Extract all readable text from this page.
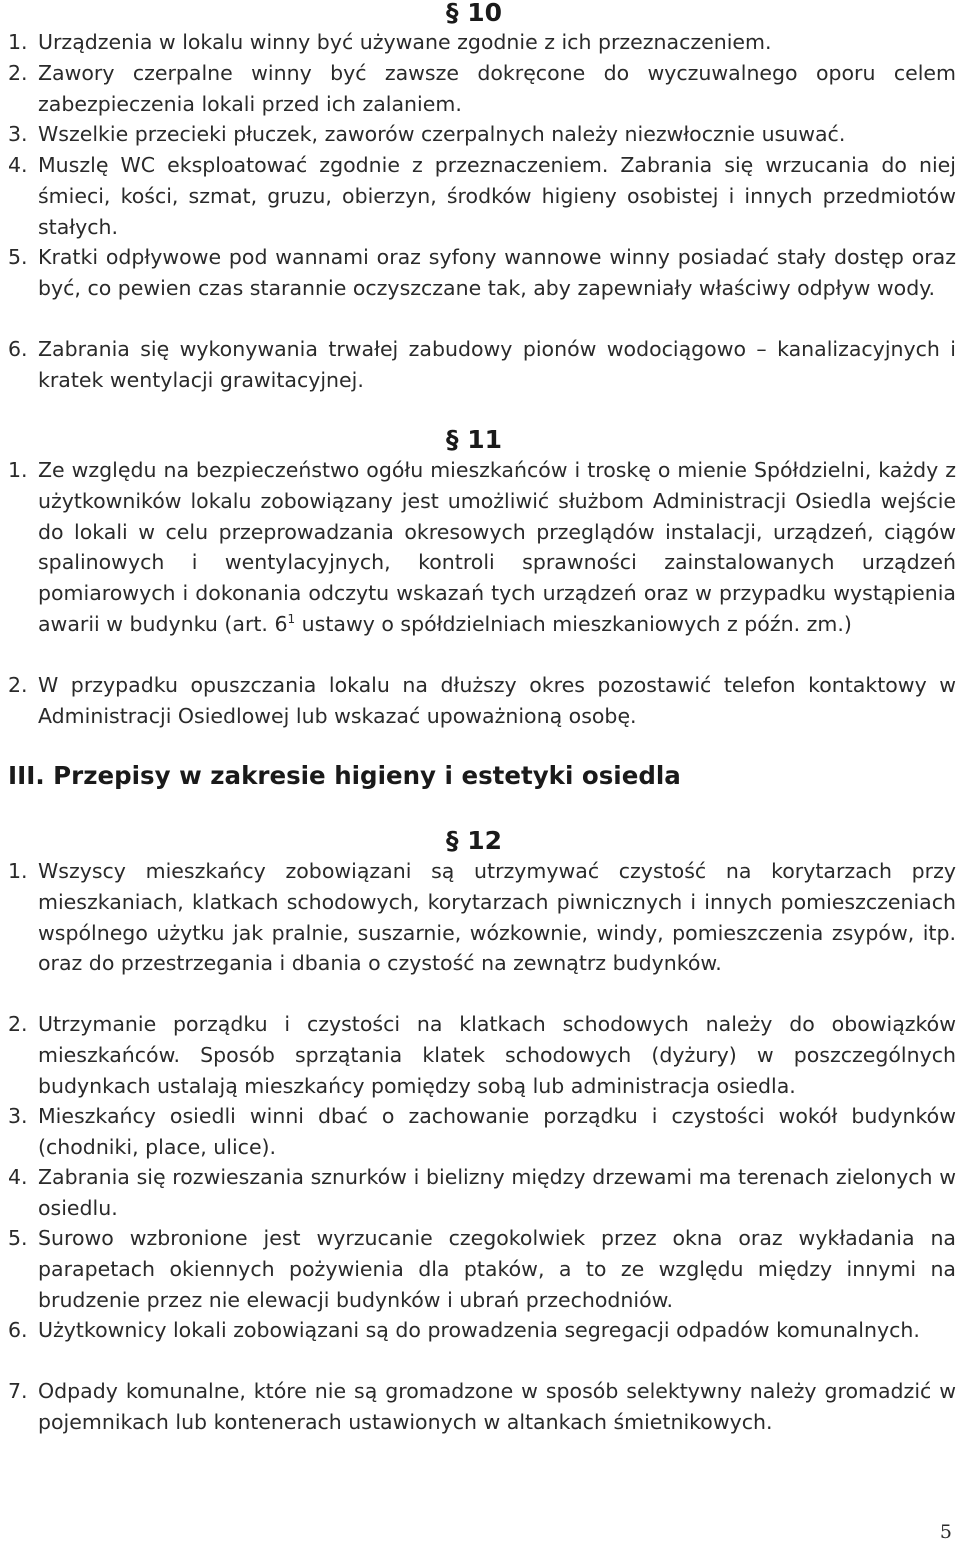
§ 10
1. Urządzenia w lokalu winny być używane zgodnie z ich przeznaczeniem.
2. Zawory czerpalne winny być zawsze dokręcone do wyczuwalnego oporu celem zabezpieczenia lokali przed ich zalaniem.
3. Wszelkie przecieki płuczek, zaworów czerpalnych należy niezwłocznie usuwać.
4. Muszlę WC eksploatować zgodnie z przeznaczeniem. Zabrania się wrzucania do niej śmieci, kości, szmat, gruzu, obierzyn, środków higieny osobistej i innych przedmiotów stałych.
5. Kratki odpływowe pod wannami oraz syfony wannowe winny posiadać stały dostęp oraz być, co pewien czas starannie oczyszczane tak, aby zapewniały właściwy odpływ wody.
6. Zabrania się wykonywania trwałej zabudowy pionów wodociągowo – kanalizacyjnych i kratek wentylacji grawitacyjnej.
§ 11
1. Ze względu na bezpieczeństwo ogółu mieszkańców i troskę o mienie Spółdzielni, każdy z użytkowników lokalu zobowiązany jest umożliwić służbom Administracji Osiedla wejście do lokali w celu przeprowadzania okresowych przeglądów instalacji, urządzeń, ciągów spalinowych i wentylacyjnych, kontroli sprawności zainstalowanych urządzeń pomiarowych i dokonania odczytu wskazań tych urządzeń oraz w przypadku wystąpienia awarii w budynku (art. $6^1$ ustawy o spółdzielniach mieszkaniowych z późn. zm.)
2. W przypadku opuszczania lokalu na dłuższy okres pozostawić telefon kontaktowy w Administracji Osiedlowej lub wskazać upoważnioną osobę.
III. Przepisy w zakresie higieny i estetyki osiedla
§ 12
1. Wszyscy mieszkańcy zobowiązani są utrzymywać czystość na korytarzach przy mieszkaniach, klatkach schodowych, korytarzach piwnicznych i innych pomieszczeniach wspólnego użytku jak pralnie, suszarnie, wózkownie, windy, pomieszczenia zsypów, itp. oraz do przestrzegania i dbania o czystość na zewnątrz budynków.
2. Utrzymanie porządku i czystości na klatkach schodowych należy do obowiązków mieszkańców. Sposób sprzątania klatek schodowych (dyżury) w poszczególnych budynkach ustalają mieszkańcy pomiędzy sobą lub administracja osiedla.
3. Mieszkańcy osiedli winni dbać o zachowanie porządku i czystości wokół budynków (chodniki, place, ulice).
4. Zabrania się rozwieszania sznurków i bielizny między drzewami ma terenach zielonych w osiedlu.
5. Surowo wzbronione jest wyrzucanie czegokolwiek przez okna oraz wykładania na parapetach okiennych pożywienia dla ptaków, a to ze względu między innymi na brudzenie przez nie elewacji budynków i ubrań przechodniów.
6. Użytkownicy lokali zobowiązani są do prowadzenia segregacji odpadów komunalnych.
7. Odpady komunalne, które nie są gromadzone w sposób selektywny należy gromadzić w pojemnikach lub kontenerach ustawionych w altankach śmietnikowych.
5
